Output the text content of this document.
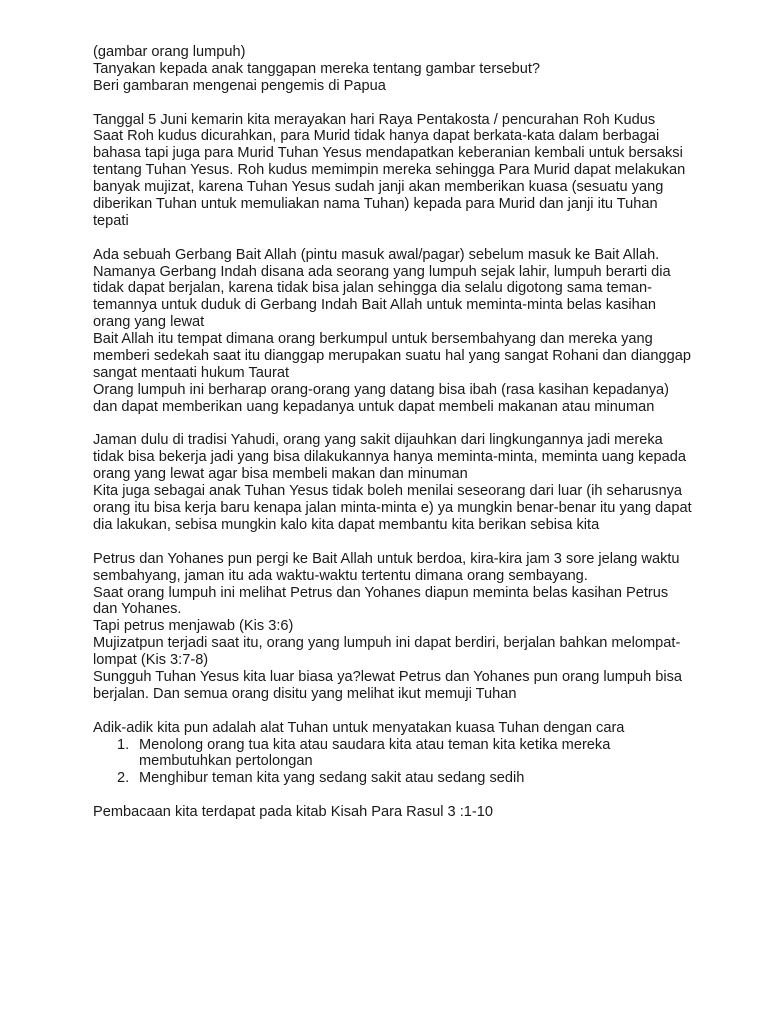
(gambar orang lumpuh)
Tanyakan kepada anak tanggapan mereka tentang gambar tersebut?
Beri gambaran mengenai pengemis di Papua
Tanggal 5 Juni kemarin kita merayakan hari Raya Pentakosta / pencurahan Roh Kudus
Saat Roh kudus dicurahkan, para Murid tidak hanya dapat berkata-kata dalam berbagai
bahasa tapi juga para Murid Tuhan Yesus mendapatkan keberanian kembali untuk bersaksi
tentang Tuhan Yesus. Roh kudus memimpin mereka sehingga Para Murid dapat melakukan
banyak mujizat, karena Tuhan Yesus sudah janji akan memberikan kuasa (sesuatu yang
diberikan Tuhan untuk memuliakan nama Tuhan) kepada para Murid dan janji itu Tuhan
tepati
Ada sebuah Gerbang Bait Allah (pintu masuk awal/pagar) sebelum masuk ke Bait Allah.
Namanya Gerbang Indah disana ada seorang yang lumpuh sejak lahir, lumpuh berarti dia
tidak dapat berjalan, karena tidak bisa jalan sehingga dia selalu digotong sama teman-
temannya untuk duduk di Gerbang Indah Bait Allah untuk meminta-minta belas kasihan
orang yang lewat
Bait Allah itu tempat dimana orang berkumpul untuk bersembahyang dan mereka yang
memberi sedekah saat itu dianggap merupakan suatu hal yang sangat Rohani dan dianggap
sangat mentaati hukum Taurat
Orang lumpuh ini berharap orang-orang yang datang bisa ibah (rasa kasihan kepadanya)
dan dapat memberikan uang kepadanya untuk dapat membeli makanan atau minuman
Jaman dulu di tradisi Yahudi, orang yang sakit dijauhkan dari lingkungannya jadi mereka
tidak bisa bekerja jadi yang bisa dilakukannya hanya meminta-minta, meminta uang kepada
orang yang lewat agar bisa membeli makan dan minuman
Kita juga sebagai anak Tuhan Yesus tidak boleh menilai seseorang dari luar (ih seharusnya
orang itu bisa kerja baru kenapa jalan minta-minta e) ya mungkin benar-benar itu yang dapat
dia lakukan, sebisa mungkin kalo kita dapat membantu kita berikan sebisa kita
Petrus dan Yohanes pun pergi ke Bait Allah untuk berdoa, kira-kira jam 3 sore jelang waktu
sembahyang, jaman itu ada waktu-waktu tertentu dimana orang sembayang.
Saat orang lumpuh ini melihat Petrus dan Yohanes diapun meminta belas kasihan Petrus
dan Yohanes.
Tapi petrus menjawab (Kis 3:6)
Mujizatpun terjadi saat itu, orang yang lumpuh ini dapat berdiri, berjalan bahkan melompat-
lompat (Kis 3:7-8)
Sungguh Tuhan Yesus kita luar biasa ya?lewat Petrus dan Yohanes pun orang lumpuh bisa
berjalan. Dan semua orang disitu yang melihat ikut memuji Tuhan
Adik-adik kita pun adalah alat Tuhan untuk menyatakan kuasa Tuhan dengan cara
1. Menolong orang tua kita atau saudara kita atau teman kita ketika mereka
membutuhkan pertolongan
2. Menghibur teman kita yang sedang sakit atau sedang sedih
Pembacaan kita terdapat pada kitab Kisah Para Rasul 3 :1-10
